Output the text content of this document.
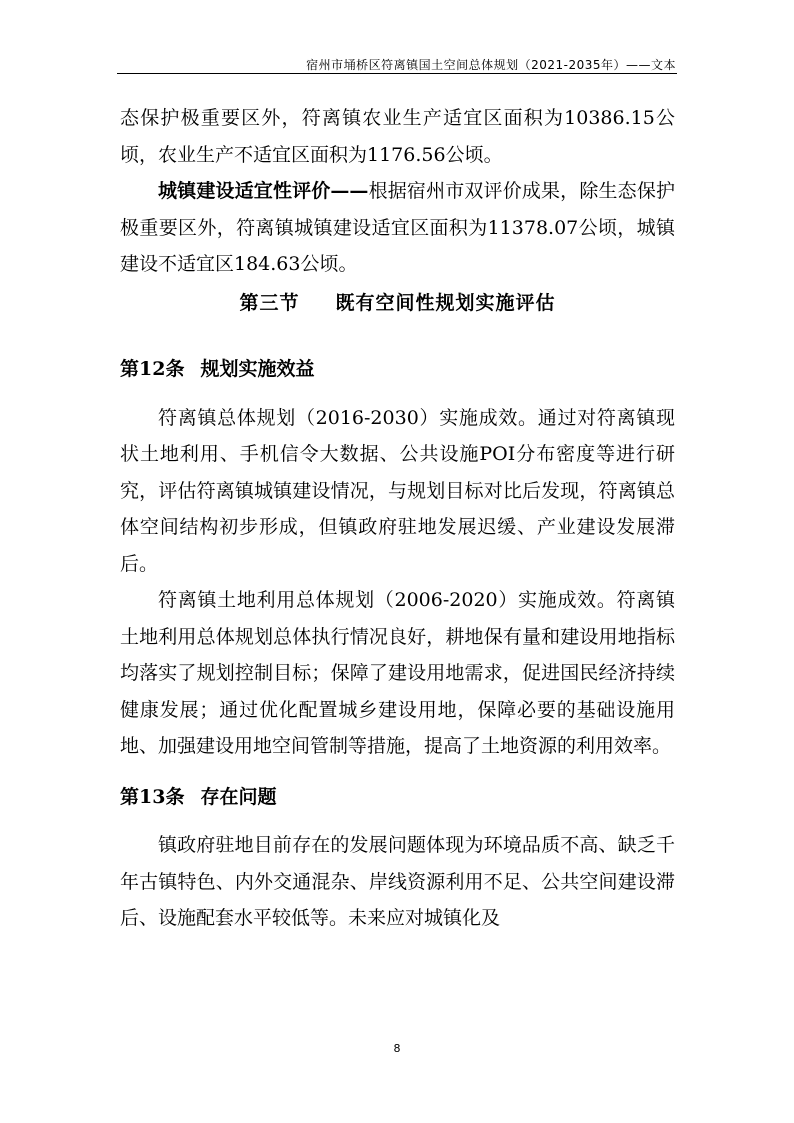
宿州市埇桥区符离镇国土空间总体规划（2021-2035年）——文本

态保护极重要区外，符离镇农业生产适宜区面积为10386.15公顷，农业生产不适宜区面积为1176.56公顷。

城镇建设适宜性评价——根据宿州市双评价成果，除生态保护极重要区外，符离镇城镇建设适宜区面积为11378.07公顷，城镇建设不适宜区184.63公顷。

第三节 既有空间性规划实施评估

第12条 规划实施效益

符离镇总体规划（2016-2030）实施成效。通过对符离镇现状土地利用、手机信令大数据、公共设施POI分布密度等进行研究，评估符离镇城镇建设情况，与规划目标对比后发现，符离镇总体空间结构初步形成，但镇政府驻地发展迟缓、产业建设发展滞后。

符离镇土地利用总体规划（2006-2020）实施成效。符离镇土地利用总体规划总体执行情况良好，耕地保有量和建设用地指标均落实了规划控制目标；保障了建设用地需求，促进国民经济持续健康发展；通过优化配置城乡建设用地，保障必要的基础设施用地、加强建设用地空间管制等措施，提高了土地资源的利用效率。

第13条 存在问题

镇政府驻地目前存在的发展问题体现为环境品质不高、缺乏千年古镇特色、内外交通混杂、岸线资源利用不足、公共空间建设滞后、设施配套水平较低等。未来应对城镇化及

8
